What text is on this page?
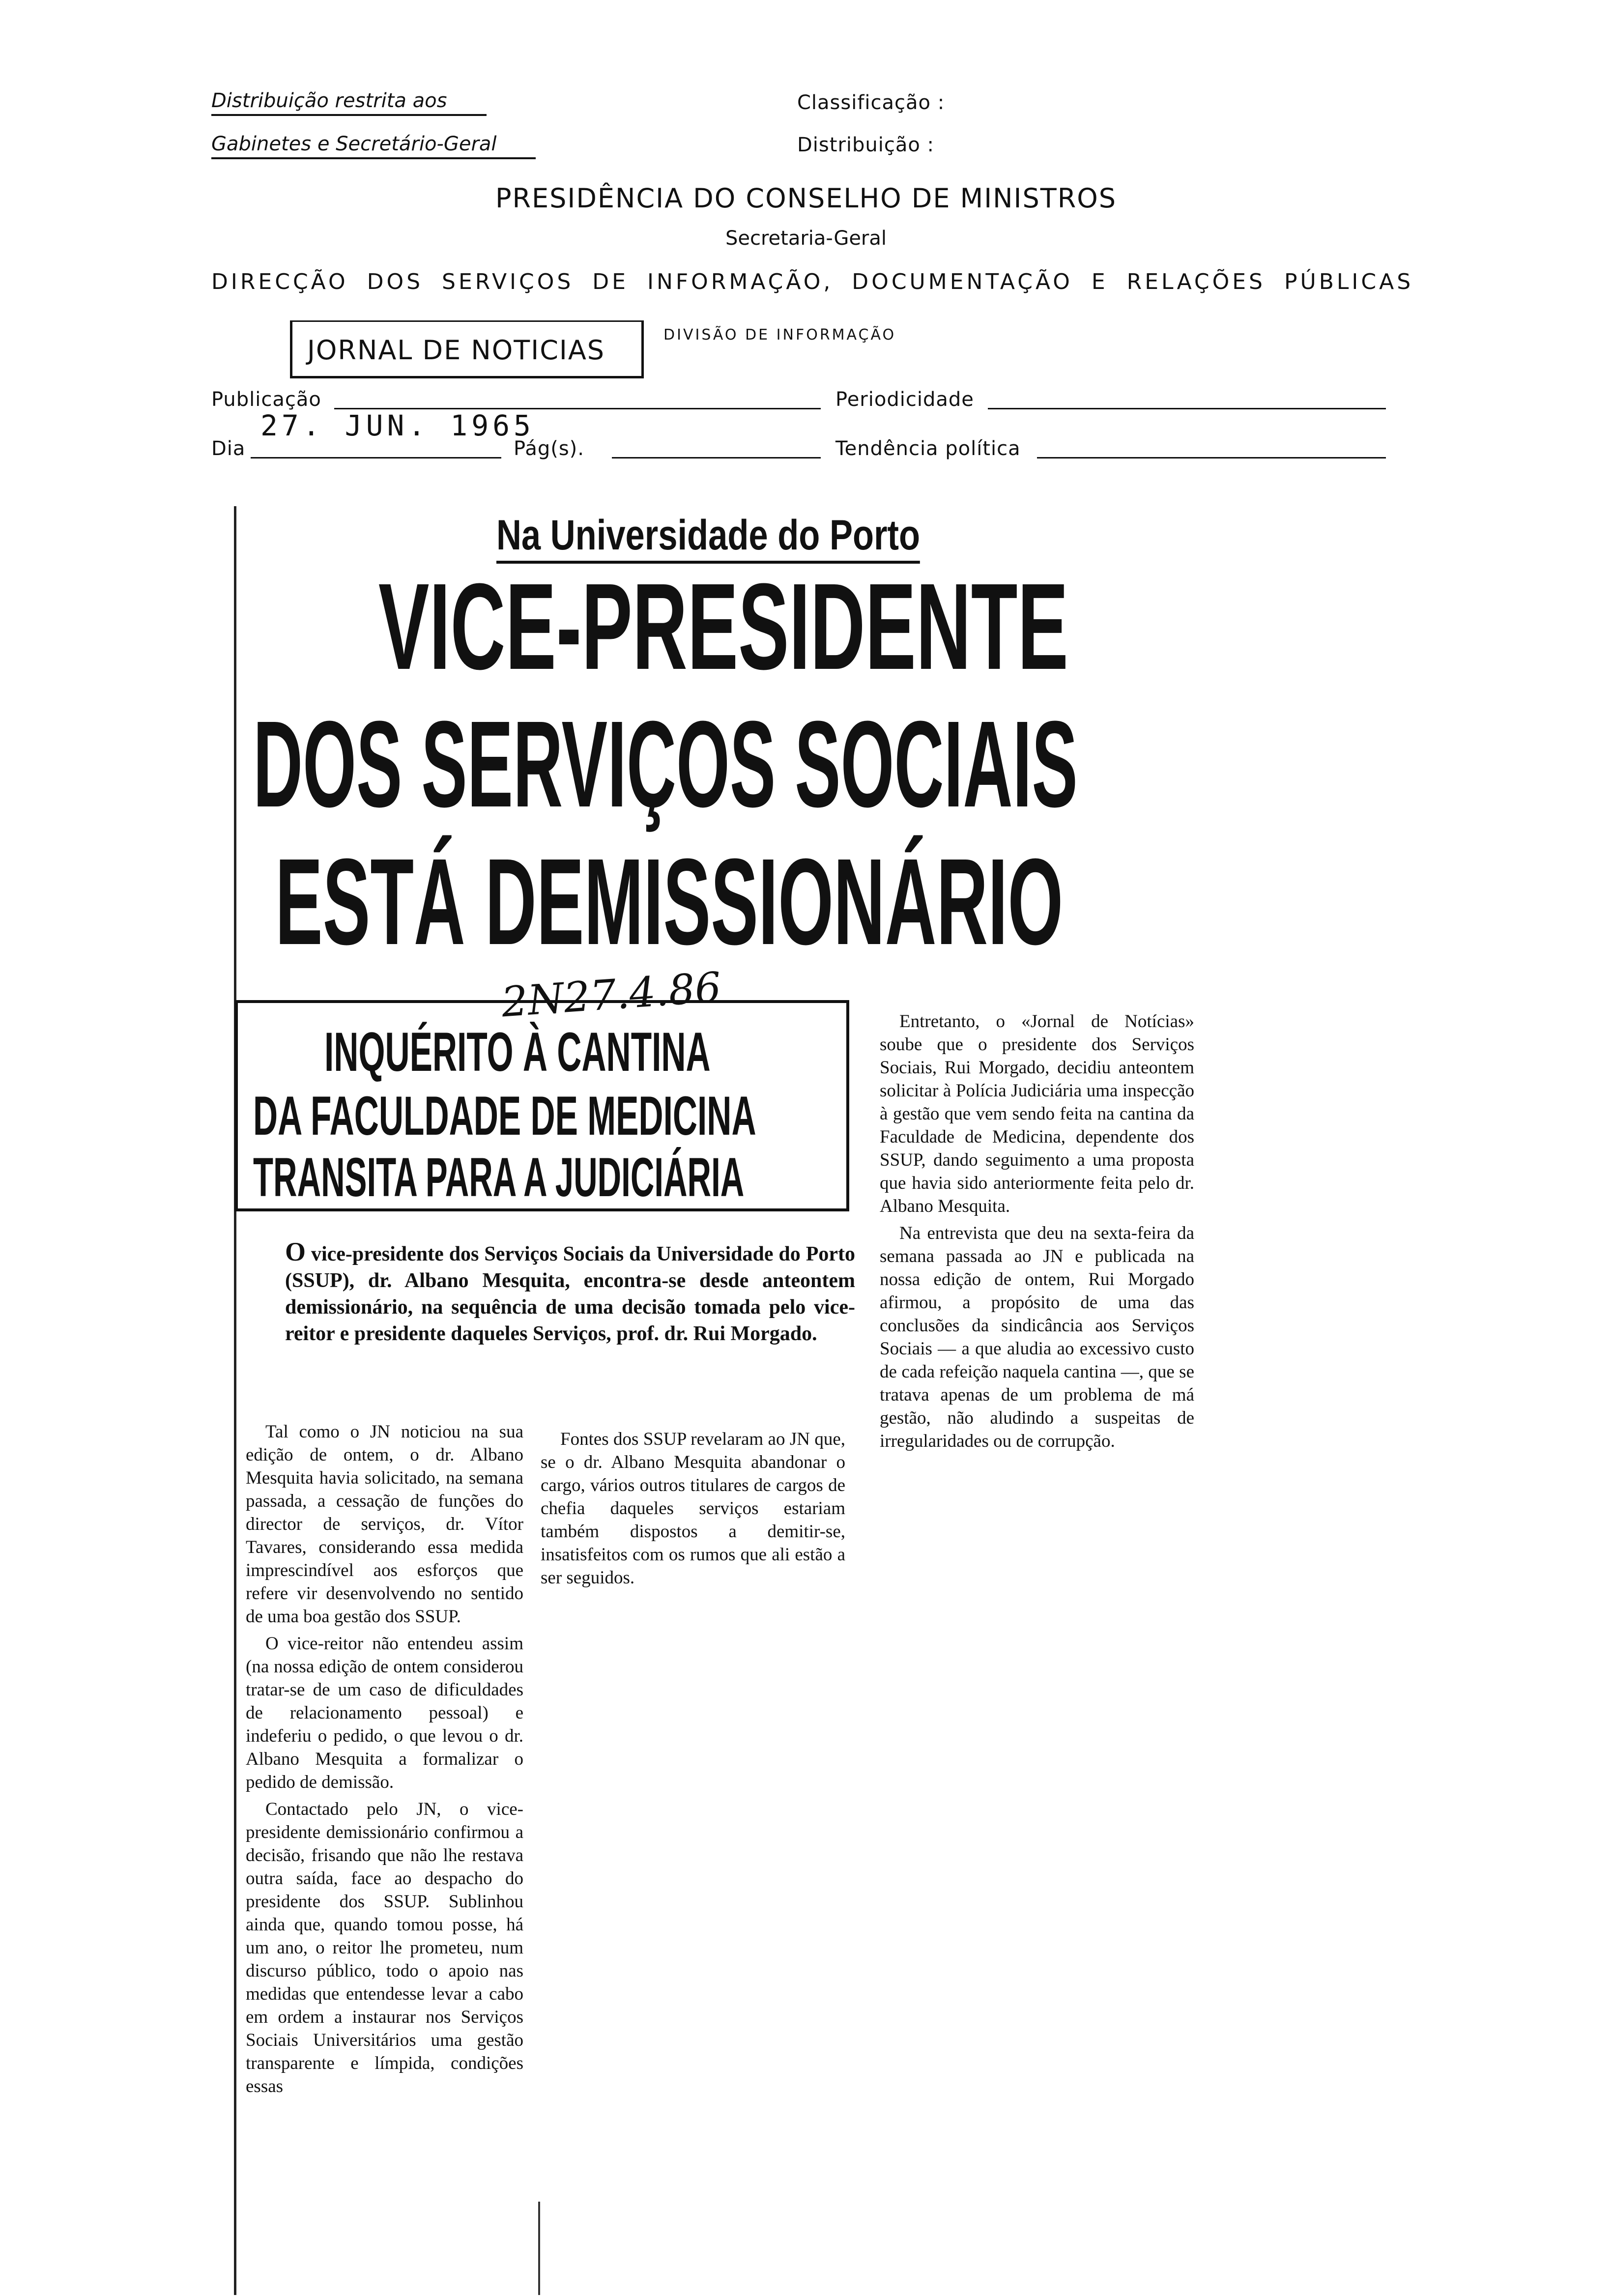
Distribuição restrita aos
Gabinetes e Secretário-Geral
Classificação :
Distribuição :
PRESIDÊNCIA DO CONSELHO DE MINISTROS
Secretaria-Geral
DIRECÇÃO DOS SERVIÇOS DE INFORMAÇÃO, DOCUMENTAÇÃO E RELAÇÕES PÚBLICAS
JORNAL DE NOTICIAS	DIVISÃO DE INFORMAÇÃO
Publicação	Periodicidade
27. JUN. 1965
Dia	Pág(s).	Tendência política
Na Universidade do Porto
VICE-PRESIDENTE
DOS SERVIÇOS SOCIAIS
ESTÁ DEMISSIONÁRIO
2N27.4.86
INQUÉRITO À CANTINA
DA FACULDADE DE MEDICINA
TRANSITA PARA A JUDICIÁRIA
O vice-presidente dos Serviços Sociais da Universidade do Porto (SSUP), dr. Albano Mesquita, encontra-se desde anteontem demissionário, na sequência de uma decisão tomada pelo vice-reitor e presidente daqueles Serviços, prof. dr. Rui Morgado.

Tal como o JN noticiou na sua edição de ontem, o dr. Albano Mesquita havia solicitado, na semana passada, a cessação de funções do director de serviços, dr. Vítor Tavares, considerando essa medida imprescindível aos esforços que refere vir desenvolvendo no sentido de uma boa gestão dos SSUP.

O vice-reitor não entendeu assim (na nossa edição de ontem considerou tratar-se de um caso de dificuldades de relacionamento pessoal) e indeferiu o pedido, o que levou o dr. Albano Mesquita a formalizar o pedido de demissão.

Contactado pelo JN, o vice-presidente demissionário confirmou a decisão, frisando que não lhe restava outra saída, face ao despacho do presidente dos SSUP. Sublinhou ainda que, quando tomou posse, há um ano, o reitor lhe prometeu, num discurso público, todo o apoio nas medidas que entendesse levar a cabo em ordem a instaurar nos Serviços Sociais Universitários uma gestão transparente e límpida, condições essas

Fontes dos SSUP revelaram ao JN que, se o dr. Albano Mesquita abandonar o cargo, vários outros titulares de cargos de chefia daqueles serviços estariam também dispostos a demitir-se, insatisfeitos com os rumos que ali estão a ser seguidos.

Entretanto, o «Jornal de Notícias» soube que o presidente dos Serviços Sociais, Rui Morgado, decidiu anteontem solicitar à Polícia Judiciária uma inspecção à gestão que vem sendo feita na cantina da Faculdade de Medicina, dependente dos SSUP, dando seguimento a uma proposta que havia sido anteriormente feita pelo dr. Albano Mesquita.

Na entrevista que deu na sexta-feira da semana passada ao JN e publicada na nossa edição de ontem, Rui Morgado afirmou, a propósito de uma das conclusões da sindicância aos Serviços Sociais — a que aludia ao excessivo custo de cada refeição naquela cantina —, que se tratava apenas de um problema de má gestão, não aludindo a suspeitas de irregularidades ou de corrupção.
